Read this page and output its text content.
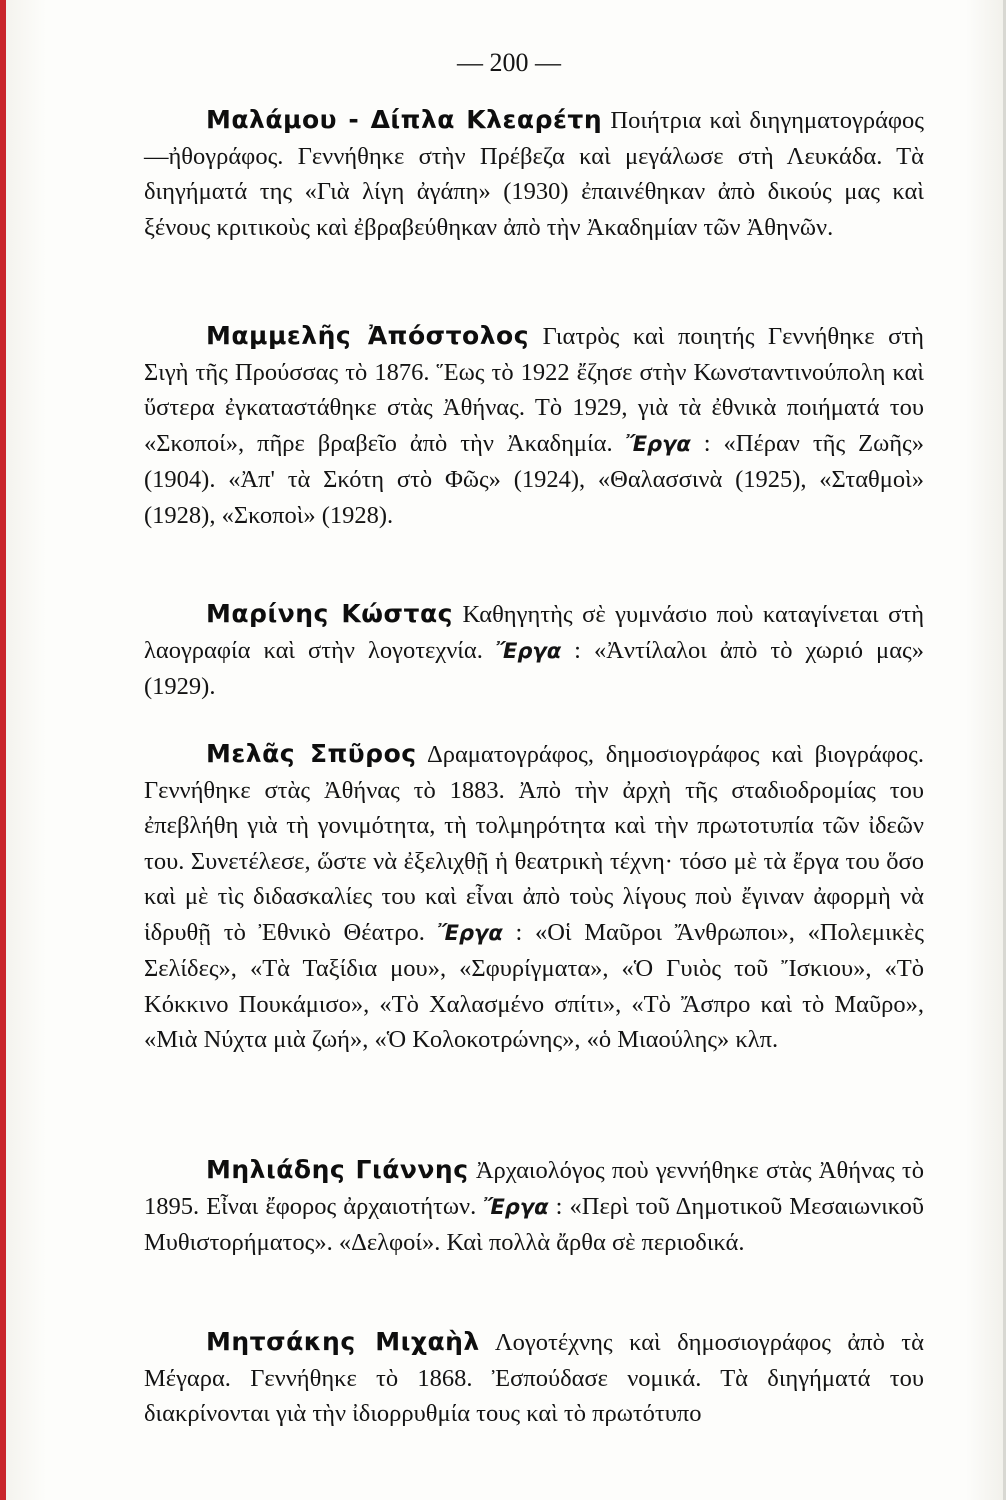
— 200 —

Μαλάμου - Δίπλα Κλεαρέτη Ποιήτρια καὶ διηγηματογράφος—ἠθογράφος. Γεννήθηκε στὴν Πρέβεζα καὶ μεγάλωσε στὴ Λευκάδα. Τὰ διηγήματά της «Γιὰ λίγη ἀγάπη» (1930) ἐπαινέθηκαν ἀπὸ δικούς μας καὶ ξένους κριτικοὺς καὶ ἐβραβεύθηκαν ἀπὸ τὴν Ἀκαδημίαν τῶν Ἀθηνῶν.

Μαμμελῆς Ἀπόστολος Γιατρὸς καὶ ποιητής Γεννήθηκε στὴ Σιγὴ τῆς Προύσσας τὸ 1876. Ἕως τὸ 1922 ἔζησε στὴν Κωνσταντινούπολη καὶ ὕστερα ἐγκαταστάθηκε στὰς Ἀθήνας. Τὸ 1929, γιὰ τὰ ἐθνικὰ ποιήματά του «Σκοποί», πῆρε βραβεῖο ἀπὸ τὴν Ἀκαδημία. Ἔργα : «Πέραν τῆς Ζωῆς» (1904). «Ἀπ' τὰ Σκότη στὸ Φῶς» (1924), «Θαλασσινὰ (1925), «Σταθμοὶ» (1928), «Σκοποὶ» (1928).

Μαρίνης Κώστας Καθηγητὴς σὲ γυμνάσιο ποὺ καταγίνεται στὴ λαογραφία καὶ στὴν λογοτεχνία. Ἔργα : «Ἀντίλαλοι ἀπὸ τὸ χωριό μας» (1929).

Μελᾶς Σπῦρος Δραματογράφος, δημοσιογράφος καὶ βιογράφος. Γεννήθηκε στὰς Ἀθήνας τὸ 1883. Ἀπὸ τὴν ἀρχὴ τῆς σταδιοδρομίας του ἐπεβλήθη γιὰ τὴ γονιμότητα, τὴ τολμηρότητα καὶ τὴν πρωτοτυπία τῶν ἰδεῶν του. Συνετέλεσε, ὥστε νὰ ἐξελιχθῇ ἡ θεατρικὴ τέχνη· τόσο μὲ τὰ ἔργα του ὅσο καὶ μὲ τὶς διδασκαλίες του καὶ εἶναι ἀπὸ τοὺς λίγους ποὺ ἔγιναν ἀφορμὴ νὰ ἱδρυθῇ τὸ Ἐθνικὸ Θέατρο. Ἔργα : «Οἱ Μαῦροι Ἄνθρωποι», «Πολεμικὲς Σελίδες», «Τὰ Ταξίδια μου», «Σφυρίγματα», «Ὁ Γυιὸς τοῦ Ἴσκιου», «Τὸ Κόκκινο Πουκάμισο», «Τὸ Χαλασμένο σπίτι», «Τὸ Ἄσπρο καὶ τὸ Μαῦρο», «Μιὰ Νύχτα μιὰ ζωή», «Ὁ Κολοκοτρώνης», «ὁ Μιαούλης» κλπ.

Μηλιάδης Γιάννης Ἀρχαιολόγος ποὺ γεννήθηκε στὰς Ἀθήνας τὸ 1895. Εἶναι ἔφορος ἀρχαιοτήτων. Ἔργα : «Περὶ τοῦ Δημοτικοῦ Μεσαιωνικοῦ Μυθιστορήματος». «Δελφοί». Καὶ πολλὰ ἄρθα σὲ περιοδικά.

Μητσάκης Μιχαὴλ Λογοτέχνης καὶ δημοσιογράφος ἀπὸ τὰ Μέγαρα. Γεννήθηκε τὸ 1868. Ἐσπούδασε νομικά. Τὰ διηγήματά του διακρίνονται γιὰ τὴν ἰδιορρυθμία τους καὶ τὸ πρωτότυπο
